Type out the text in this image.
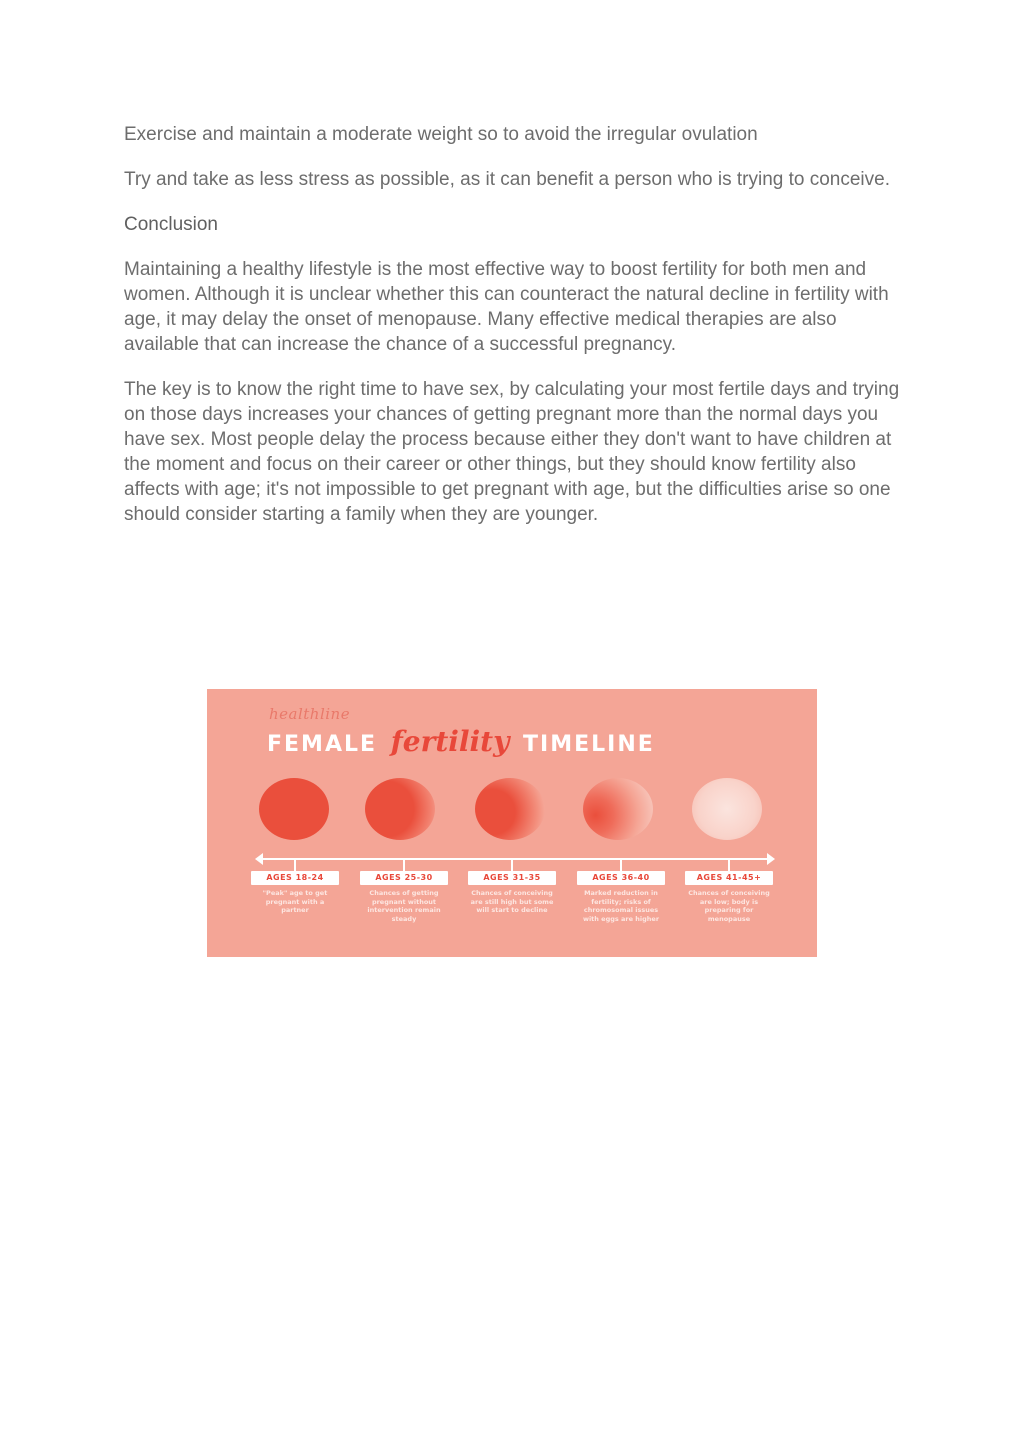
Exercise and maintain a moderate weight so to avoid the irregular ovulation

Try and take as less stress as possible, as it can benefit a person who is trying to conceive.

Conclusion

Maintaining a healthy lifestyle is the most effective way to boost fertility for both men and women. Although it is unclear whether this can counteract the natural decline in fertility with age, it may delay the onset of menopause. Many effective medical therapies are also available that can increase the chance of a successful pregnancy.

The key is to know the right time to have sex, by calculating your most fertile days and trying on those days increases your chances of getting pregnant more than the normal days you have sex. Most people delay the process because either they don't want to have children at the moment and focus on their career or other things, but they should know fertility also affects with age; it's not impossible to get pregnant with age, but the difficulties arise so one should consider starting a family when they are younger.

healthline
FEMALE fertility TIMELINE
AGES 18-24
"Peak" age to get pregnant with a partner
AGES 25-30
Chances of getting pregnant without intervention remain steady
AGES 31-35
Chances of conceiving are still high but some will start to decline
AGES 36-40
Marked reduction in fertility; risks of chromosomal issues with eggs are higher
AGES 41-45+
Chances of conceiving are low; body is preparing for menopause
